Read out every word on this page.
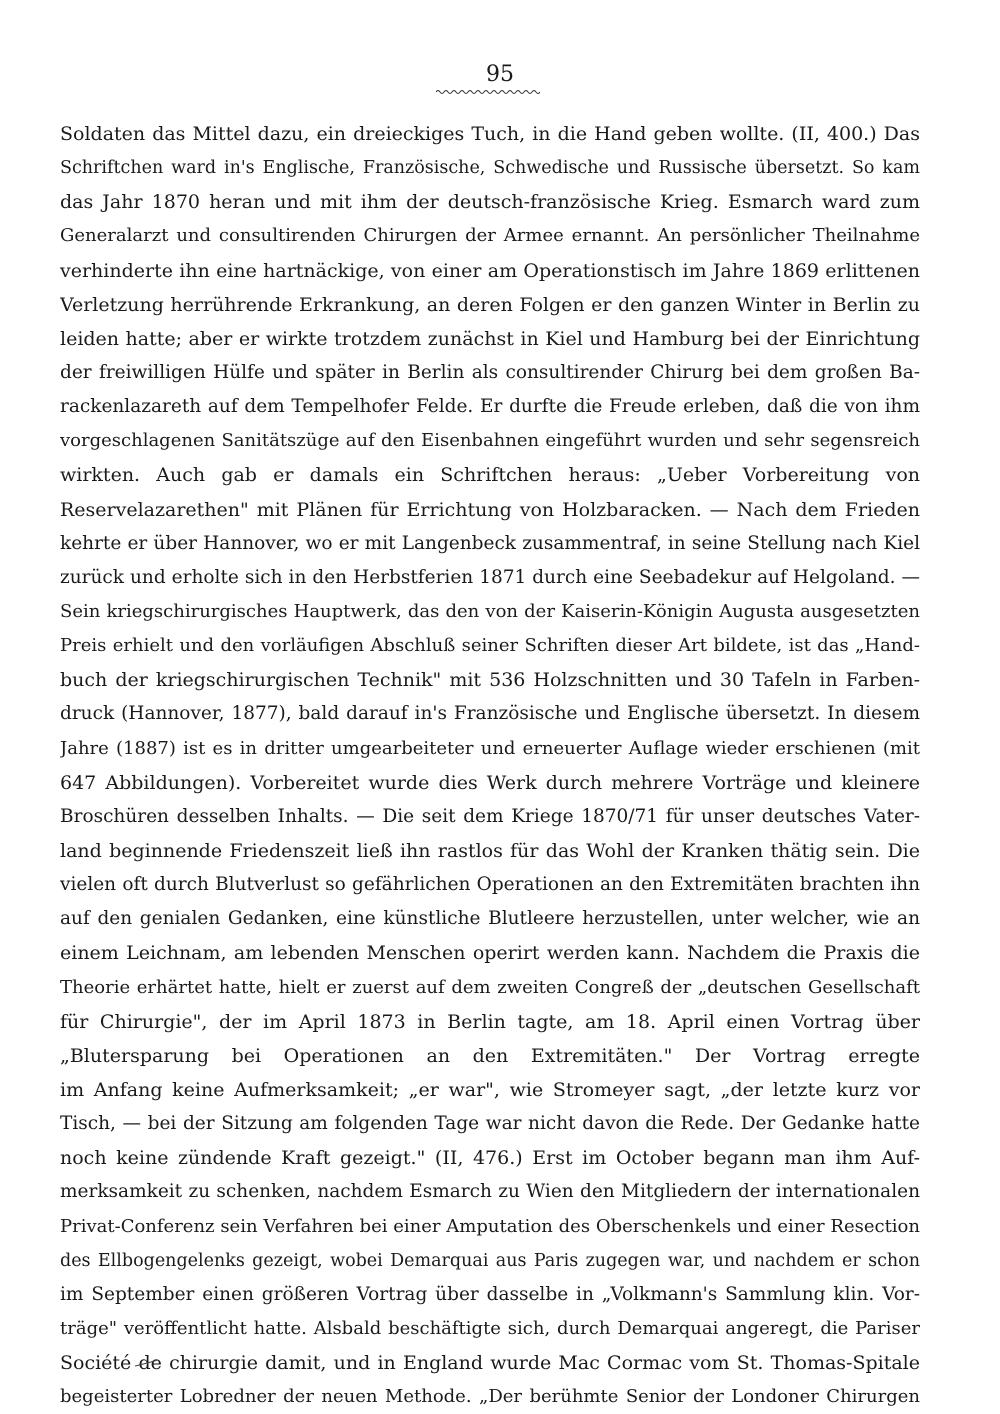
95
Soldaten das Mittel dazu, ein dreieckiges Tuch, in die Hand geben wollte. (II, 400.) Das
Schriftchen ward in's Englische, Französische, Schwedische und Russische übersetzt. So kam
das Jahr 1870 heran und mit ihm der deutsch-französische Krieg. Esmarch ward zum
Generalarzt und consultirenden Chirurgen der Armee ernannt. An persönlicher Theilnahme
verhinderte ihn eine hartnäckige, von einer am Operationstisch im Jahre 1869 erlittenen
Verletzung herrührende Erkrankung, an deren Folgen er den ganzen Winter in Berlin zu
leiden hatte; aber er wirkte trotzdem zunächst in Kiel und Hamburg bei der Einrichtung
der freiwilligen Hülfe und später in Berlin als consultirender Chirurg bei dem großen Ba-
rackenlazareth auf dem Tempelhofer Felde. Er durfte die Freude erleben, daß die von ihm
vorgeschlagenen Sanitätszüge auf den Eisenbahnen eingeführt wurden und sehr segensreich
wirkten. Auch gab er damals ein Schriftchen heraus: „Ueber Vorbereitung von
Reservelazarethen" mit Plänen für Errichtung von Holzbaracken. — Nach dem Frieden
kehrte er über Hannover, wo er mit Langenbeck zusammentraf, in seine Stellung nach Kiel
zurück und erholte sich in den Herbstferien 1871 durch eine Seebadekur auf Helgoland. —
Sein kriegschirurgisches Hauptwerk, das den von der Kaiserin-Königin Augusta ausgesetzten
Preis erhielt und den vorläufigen Abschluß seiner Schriften dieser Art bildete, ist das „Hand-
buch der kriegschirurgischen Technik" mit 536 Holzschnitten und 30 Tafeln in Farben-
druck (Hannover, 1877), bald darauf in's Französische und Englische übersetzt. In diesem
Jahre (1887) ist es in dritter umgearbeiteter und erneuerter Auflage wieder erschienen (mit
647 Abbildungen). Vorbereitet wurde dies Werk durch mehrere Vorträge und kleinere
Broschüren desselben Inhalts. — Die seit dem Kriege 1870/71 für unser deutsches Vater-
land beginnende Friedenszeit ließ ihn rastlos für das Wohl der Kranken thätig sein. Die
vielen oft durch Blutverlust so gefährlichen Operationen an den Extremitäten brachten ihn
auf den genialen Gedanken, eine künstliche Blutleere herzustellen, unter welcher, wie an
einem Leichnam, am lebenden Menschen operirt werden kann. Nachdem die Praxis die
Theorie erhärtet hatte, hielt er zuerst auf dem zweiten Congreß der „deutschen Gesellschaft
für Chirurgie", der im April 1873 in Berlin tagte, am 18. April einen Vortrag über
„Blutersparung bei Operationen an den Extremitäten." Der Vortrag erregte
im Anfang keine Aufmerksamkeit; „er war", wie Stromeyer sagt, „der letzte kurz vor
Tisch, — bei der Sitzung am folgenden Tage war nicht davon die Rede. Der Gedanke hatte
noch keine zündende Kraft gezeigt." (II, 476.) Erst im October begann man ihm Auf-
merksamkeit zu schenken, nachdem Esmarch zu Wien den Mitgliedern der internationalen
Privat-Conferenz sein Verfahren bei einer Amputation des Oberschenkels und einer Resection
des Ellbogengelenks gezeigt, wobei Demarquai aus Paris zugegen war, und nachdem er schon
im September einen größeren Vortrag über dasselbe in „Volkmann's Sammlung klin. Vor-
träge" veröffentlicht hatte. Alsbald beschäftigte sich, durch Demarquai angeregt, die Pariser
Société de chirurgie damit, und in England wurde Mac Cormac vom St. Thomas-Spitale
begeisterter Lobredner der neuen Methode. „Der berühmte Senior der Londoner Chirurgen
